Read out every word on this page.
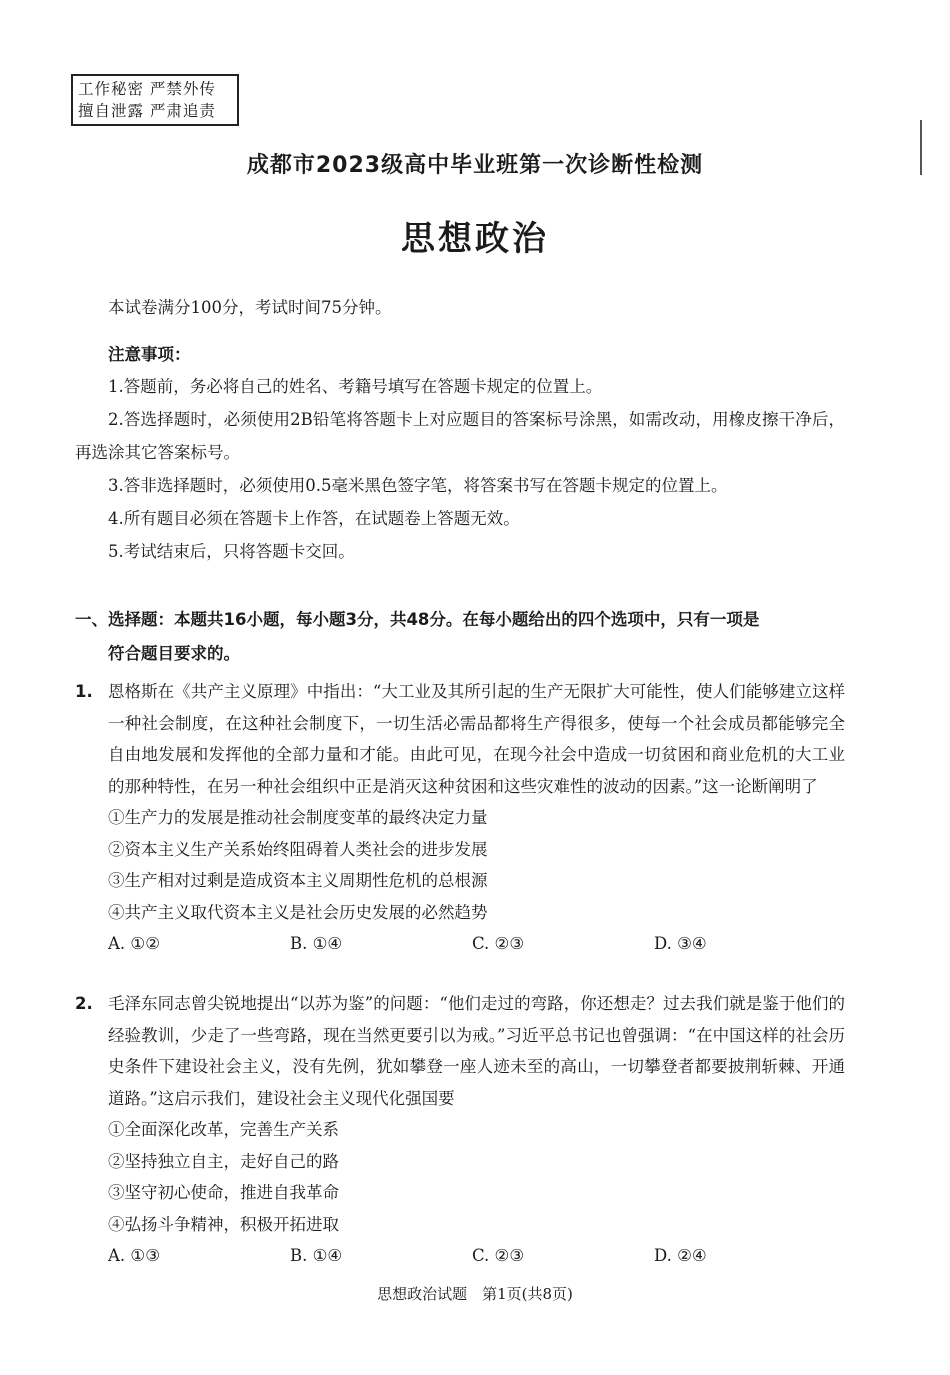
工作秘密 严禁外传
擅自泄露 严肃追责
成都市2023级高中毕业班第一次诊断性检测
思想政治
本试卷满分100分，考试时间75分钟。
注意事项：
1.答题前，务必将自己的姓名、考籍号填写在答题卡规定的位置上。
2.答选择题时，必须使用2B铅笔将答题卡上对应题目的答案标号涂黑，如需改动，用橡皮擦干净后，再选涂其它答案标号。
3.答非选择题时，必须使用0.5毫米黑色签字笔，将答案书写在答题卡规定的位置上。
4.所有题目必须在答题卡上作答，在试题卷上答题无效。
5.考试结束后，只将答题卡交回。
一、选择题：本题共16小题，每小题3分，共48分。在每小题给出的四个选项中，只有一项是
符合题目要求的。
1. 恩格斯在《共产主义原理》中指出：“大工业及其所引起的生产无限扩大可能性，使人们能够建立这样一种社会制度，在这种社会制度下，一切生活必需品都将生产得很多，使每一个社会成员都能够完全自由地发展和发挥他的全部力量和才能。由此可见，在现今社会中造成一切贫困和商业危机的大工业的那种特性，在另一种社会组织中正是消灭这种贫困和这些灾难性的波动的因素。”这一论断阐明了
①生产力的发展是推动社会制度变革的最终决定力量
②资本主义生产关系始终阻碍着人类社会的进步发展
③生产相对过剩是造成资本主义周期性危机的总根源
④共产主义取代资本主义是社会历史发展的必然趋势
A. ①②	B. ①④	C. ②③	D. ③④
2. 毛泽东同志曾尖锐地提出“以苏为鉴”的问题：“他们走过的弯路，你还想走？过去我们就是鉴于他们的经验教训，少走了一些弯路，现在当然更要引以为戒。”习近平总书记也曾强调：“在中国这样的社会历史条件下建设社会主义，没有先例，犹如攀登一座人迹未至的高山，一切攀登者都要披荆斩棘、开通道路。”这启示我们，建设社会主义现代化强国要
①全面深化改革，完善生产关系
②坚持独立自主，走好自己的路
③坚守初心使命，推进自我革命
④弘扬斗争精神，积极开拓进取
A. ①③	B. ①④	C. ②③	D. ②④
思想政治试题　第1页(共8页)
